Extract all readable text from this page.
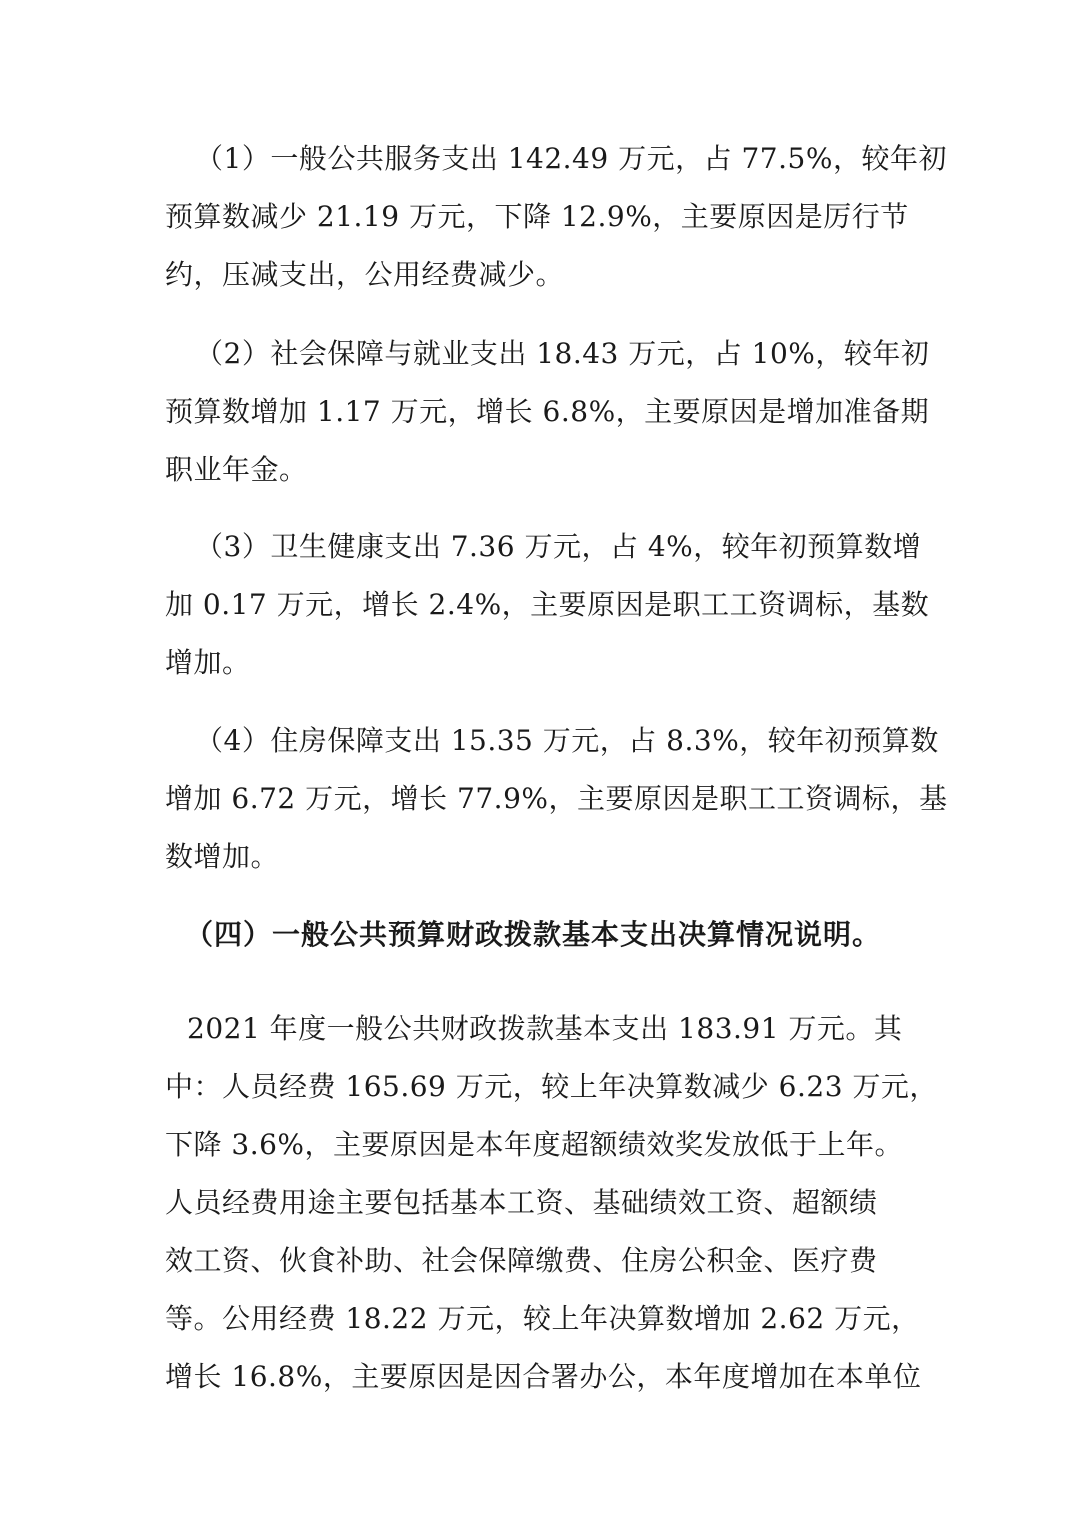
（1）一般公共服务支出 142.49 万元，占 77.5%，较年初
预算数减少 21.19 万元，下降 12.9%，主要原因是厉行节
约，压减支出，公用经费减少。
（2）社会保障与就业支出 18.43 万元，占 10%，较年初
预算数增加 1.17 万元，增长 6.8%，主要原因是增加准备期
职业年金。
（3）卫生健康支出 7.36 万元，占 4%，较年初预算数增
加 0.17 万元，增长 2.4%，主要原因是职工工资调标，基数
增加。
（4）住房保障支出 15.35 万元，占 8.3%，较年初预算数
增加 6.72 万元，增长 77.9%，主要原因是职工工资调标，基
数增加。
（四）一般公共预算财政拨款基本支出决算情况说明。
2021 年度一般公共财政拨款基本支出 183.91 万元。其
中：人员经费 165.69 万元，较上年决算数减少 6.23 万元，
下降 3.6%，主要原因是本年度超额绩效奖发放低于上年。
人员经费用途主要包括基本工资、基础绩效工资、超额绩
效工资、伙食补助、社会保障缴费、住房公积金、医疗费
等。公用经费 18.22 万元，较上年决算数增加 2.62 万元，
增长 16.8%，主要原因是因合署办公，本年度增加在本单位
